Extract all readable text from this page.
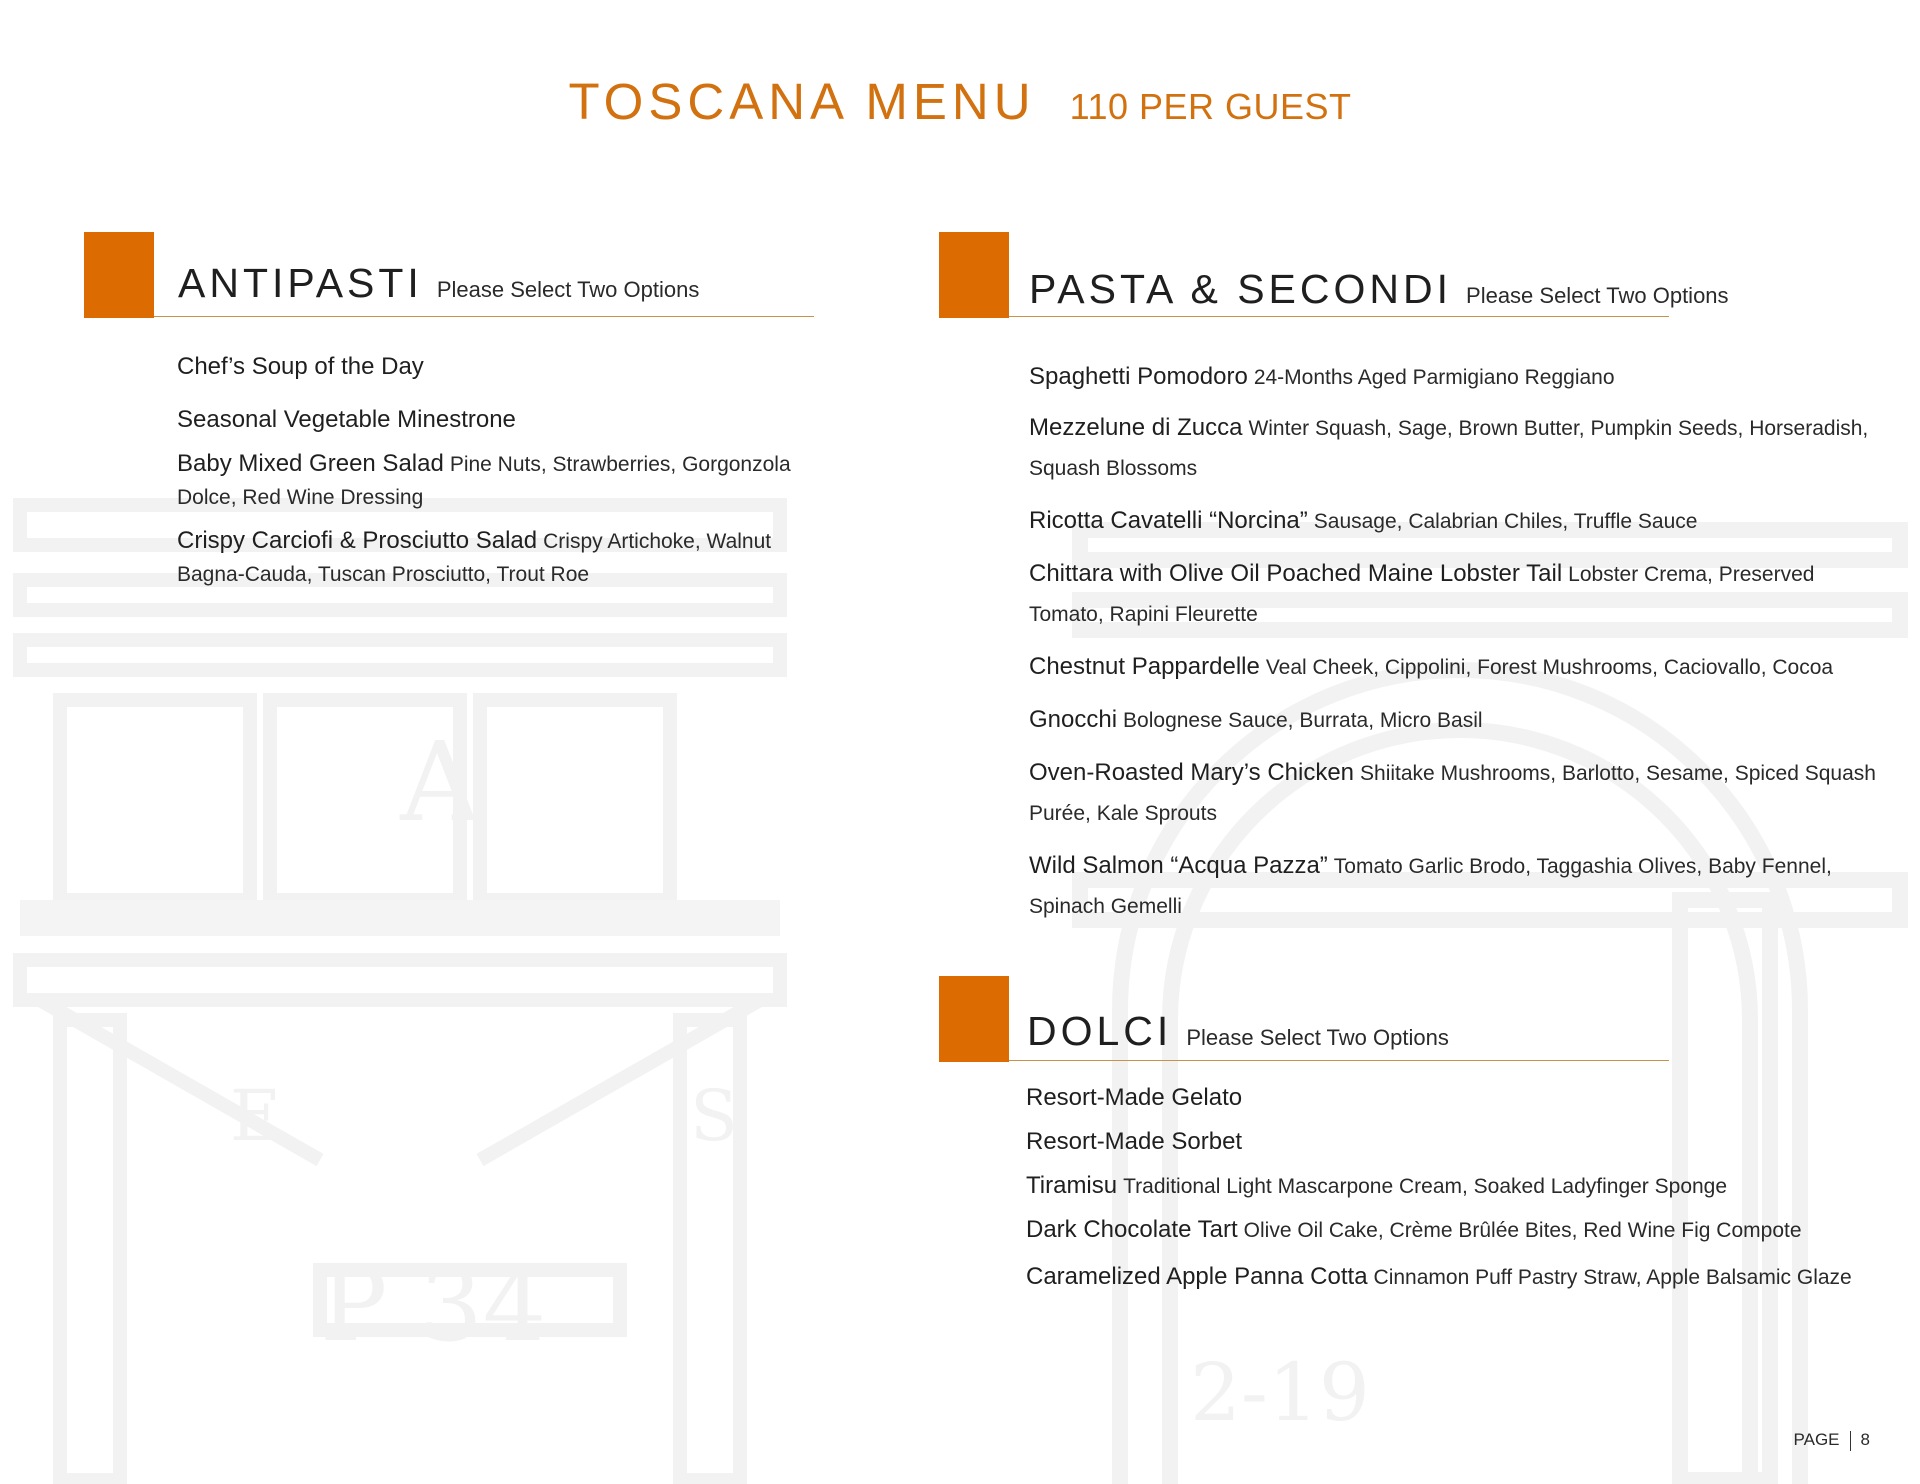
A
E	S
P 34
2-19
TOSCANA MENU 110 PER GUEST
ANTIPASTI Please Select Two Options
Chef’s Soup of the Day
Seasonal Vegetable Minestrone
Baby Mixed Green Salad Pine Nuts, Strawberries, Gorgonzola Dolce, Red Wine Dressing
Crispy Carciofi & Prosciutto Salad Crispy Artichoke, Walnut Bagna-Cauda, Tuscan Prosciutto, Trout Roe
PASTA & SECONDI Please Select Two Options
Spaghetti Pomodoro 24-Months Aged Parmigiano Reggiano
Mezzelune di Zucca Winter Squash, Sage, Brown Butter, Pumpkin Seeds, Horseradish, Squash Blossoms
Ricotta Cavatelli “Norcina” Sausage, Calabrian Chiles, Truffle Sauce
Chittara with Olive Oil Poached Maine Lobster Tail Lobster Crema, Preserved Tomato, Rapini Fleurette
Chestnut Pappardelle Veal Cheek, Cippolini, Forest Mushrooms, Caciovallo, Cocoa
Gnocchi Bolognese Sauce, Burrata, Micro Basil
Oven-Roasted Mary’s Chicken Shiitake Mushrooms, Barlotto, Sesame, Spiced Squash Purée, Kale Sprouts
Wild Salmon “Acqua Pazza” Tomato Garlic Brodo, Taggashia Olives, Baby Fennel, Spinach Gemelli
DOLCI Please Select Two Options
Resort-Made Gelato
Resort-Made Sorbet
Tiramisu Traditional Light Mascarpone Cream, Soaked Ladyfinger Sponge
Dark Chocolate Tart Olive Oil Cake, Crème Brûlée Bites, Red Wine Fig Compote
Caramelized Apple Panna Cotta Cinnamon Puff Pastry Straw, Apple Balsamic Glaze
PAGE 8
